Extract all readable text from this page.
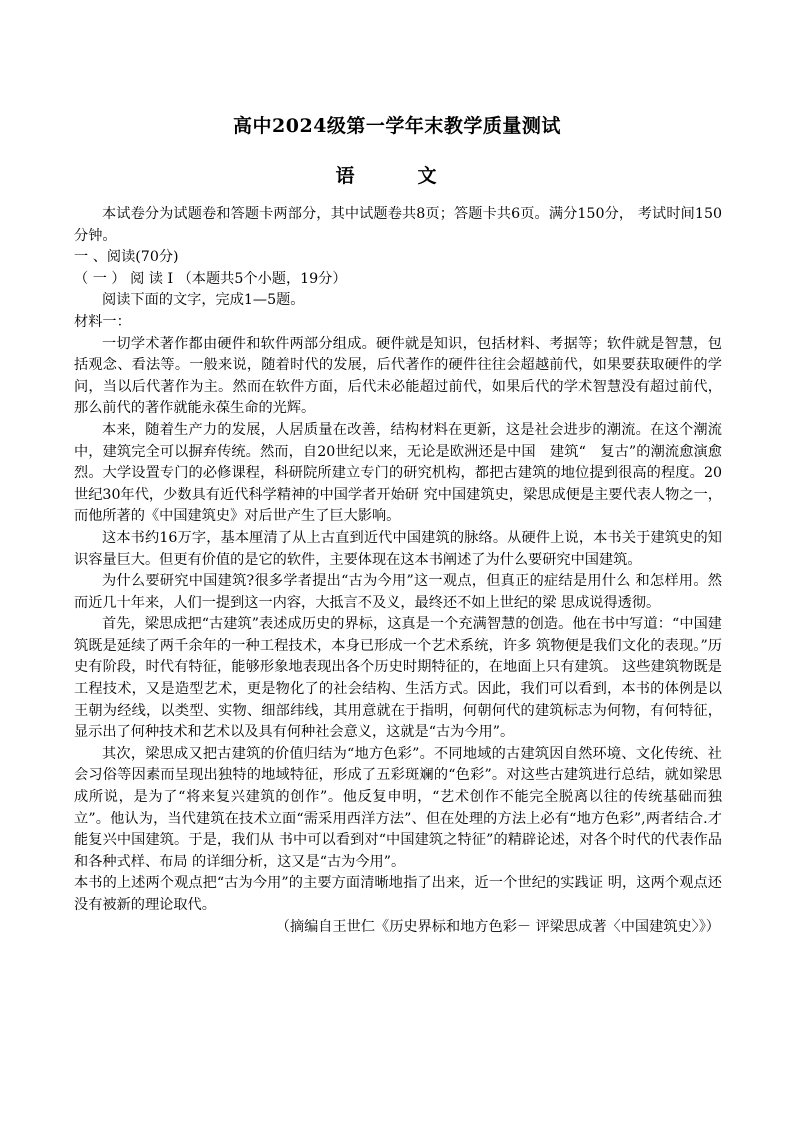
高中2024级第一学年末教学质量测试
语　文

本试卷分为试题卷和答题卡两部分，其中试题卷共8页；答题卡共6页。满分150分， 考试时间150分钟。

一 、阅读(70分)

（ 一 ） 阅 读 I （本题共5个小题，19分）

阅读下面的文字，完成1—5题。

材料一：

一切学术著作都由硬件和软件两部分组成。硬件就是知识，包括材料、考据等；软件就是智慧，包括观念、看法等。一般来说，随着时代的发展，后代著作的硬件往往会超越前代，如果要获取硬件的学问，当以后代著作为主。然而在软件方面，后代未必能超过前代，如果后代的学术智慧没有超过前代，那么前代的著作就能永葆生命的光辉。

本来，随着生产力的发展，人居质量在改善，结构材料在更新，这是社会进步的潮流。在这个潮流中，建筑完全可以摒弃传统。然而，自20世纪以来，无论是欧洲还是中国　建筑“　复古”的潮流愈演愈烈。大学设置专门的必修课程，科研院所建立专门的研究机构，都把古建筑的地位提到很高的程度。20世纪30年代，少数具有近代科学精神的中国学者开始研 究中国建筑史，梁思成便是主要代表人物之一，而他所著的《中国建筑史》对后世产生了巨大影响。

这本书约16万字，基本厘清了从上古直到近代中国建筑的脉络。从硬件上说，本书关于建筑史的知识容量巨大。但更有价值的是它的软件，主要体现在这本书阐述了为什么要研究中国建筑。

为什么要研究中国建筑?很多学者提出“古为今用”这一观点，但真正的症结是用什么 和怎样用。然而近几十年来，人们一提到这一内容，大抵言不及义，最终还不如上世纪的梁 思成说得透彻。

首先，梁思成把“古建筑”表述成历史的界标，这真是一个充满智慧的创造。他在书中写道：“中国建筑既是延续了两千余年的一种工程技术，本身已形成一个艺术系统，许多 筑物便是我们文化的表现。”历史有阶段，时代有特征，能够形象地表现出各个历史时期特征的，在地面上只有建筑。 这些建筑物既是工程技术，又是造型艺术，更是物化了的社会结构、生活方式。因此，我们可以看到，本书的体例是以王朝为经线，以类型、实物、细部纬线，其用意就在于指明，何朝何代的建筑标志为何物，有何特征，显示出了何种技术和艺术以及具有何种社会意义，这就是“古为今用”。

其次，梁思成又把古建筑的价值归结为“地方色彩”。不同地域的古建筑因自然环境、文化传统、社会习俗等因素而呈现出独特的地域特征，形成了五彩斑斓的“色彩”。对这些古建筑进行总结，就如梁思成所说，是为了“将来复兴建筑的创作”。他反复申明，“艺术创作不能完全脱离以往的传统基础而独立”。他认为，当代建筑在技术立面“需采用西洋方法”、但在处理的方法上必有“地方色彩”,两者结合.才能复兴中国建筑。于是，我们从 书中可以看到对“中国建筑之特征”的精辟论述，对各个时代的代表作品和各种式样、布局 的详细分析，这又是“古为今用”。

本书的上述两个观点把“古为今用”的主要方面清晰地指了出来，近一个世纪的实践证 明，这两个观点还没有被新的理论取代。

（摘编自王世仁《历史界标和地方色彩－ 评梁思成著〈中国建筑史〉》）
